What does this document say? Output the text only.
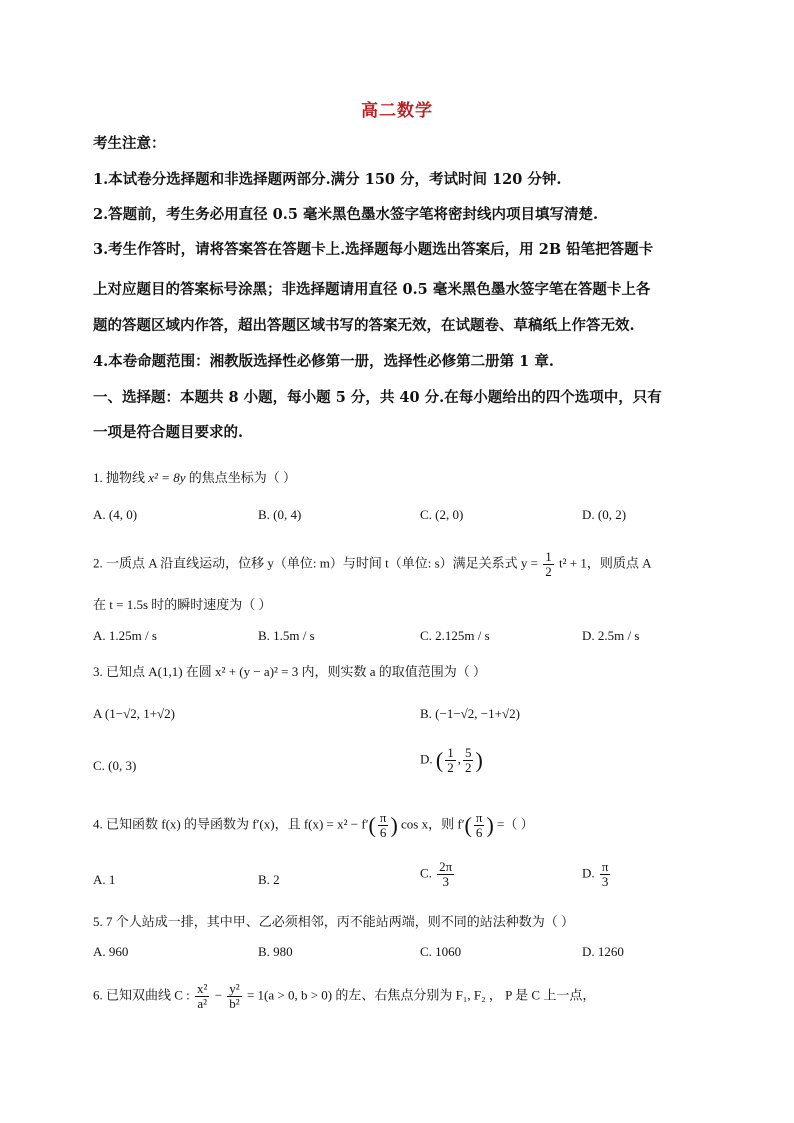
高二数学
考生注意：
1.本试卷分选择题和非选择题两部分.满分 150 分，考试时间 120 分钟.
2.答题前，考生务必用直径 0.5 毫米黑色墨水签字笔将密封线内项目填写清楚.
3.考生作答时，请将答案答在答题卡上.选择题每小题选出答案后，用 2B 铅笔把答题卡
上对应题目的答案标号涂黑；非选择题请用直径 0.5 毫米黑色墨水签字笔在答题卡上各
题的答题区域内作答，超出答题区域书写的答案无效，在试题卷、草稿纸上作答无效.
4.本卷命题范围：湘教版选择性必修第一册，选择性必修第二册第 1 章.
一、选择题：本题共 8 小题，每小题 5 分，共 40 分.在每小题给出的四个选项中，只有
一项是符合题目要求的.
1. 抛物线 x² = 8y 的焦点坐标为（ ）
A. (4, 0)	B. (0, 4)	C. (2, 0)	D. (0, 2)
2. 一质点 A 沿直线运动，位移 y（单位: m）与时间 t（单位: s）满足关系式 $y = \frac{1}{2} t^2 + 1$，则质点 A
在 t = 1.5s 时的瞬时速度为（ ）
A. 1.25m / s	B. 1.5m / s	C. 2.125m / s	D. 2.5m / s
3. 已知点 A(1,1) 在圆 x² + (y − a)² = 3 内，则实数 a 的取值范围为（ ）
A (1−√2, 1+√2)	B. (−1−√2, −1+√2)
C. (0, 3)	D. ( $\frac{1}{2}$ , $\frac{5}{2}$ )
4. 已知函数 f(x) 的导函数为 f′(x)，且 $f(x) = x^2 - f'( \frac{\pi}{6}$ ) cos x，则 $f'( \frac{\pi}{6}$ ) =（ ）
A. 1	B. 2	C. $\frac{2\pi}{3}$	D. $\frac{\pi}{3}$
5. 7 个人站成一排，其中甲、乙必须相邻，丙不能站两端，则不同的站法种数为（ ）
A. 960	B. 980	C. 1060	D. 1260
6. 已知双曲线 C : $\frac{\text{x²}}{\text{a²}} - \frac{\text{y²}}{\text{b²}} = 1(a > 0$, b > 0) 的左、右焦点分别为 F₁, F₂ ， P 是 C 上一点，
